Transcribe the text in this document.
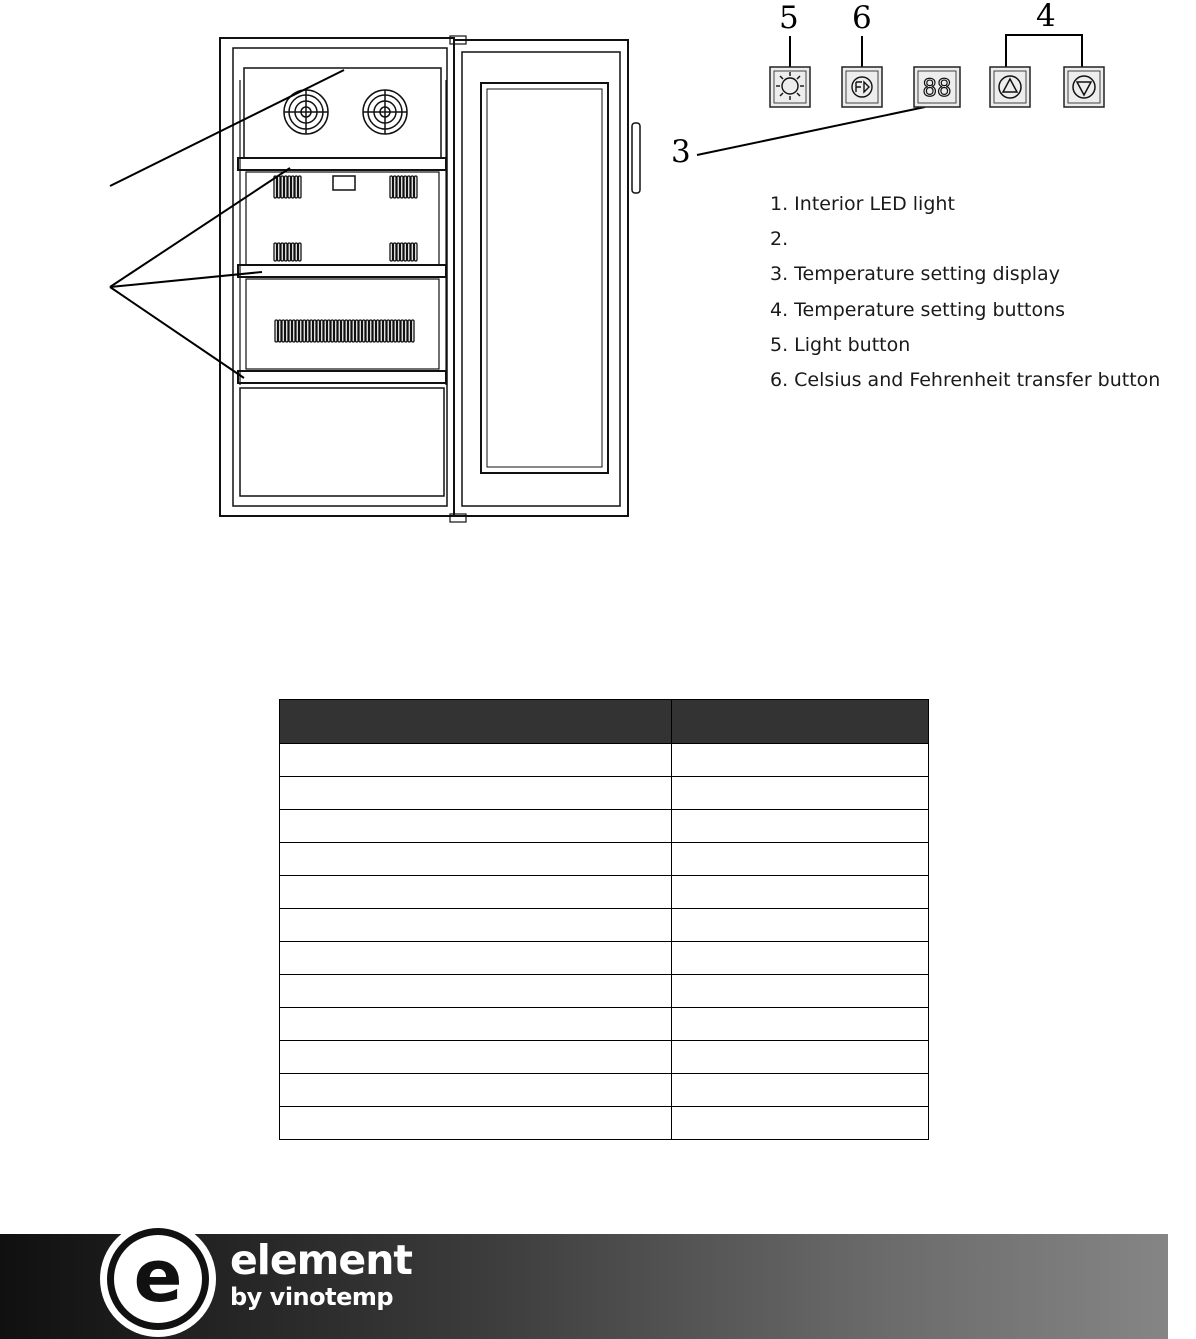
88
5 6	4
3
1. Interior LED light
2.
3. Temperature setting display
4. Temperature setting buttons
5. Light button
6. Celsius and Fehrenheit transfer button

e element
by vinotemp
